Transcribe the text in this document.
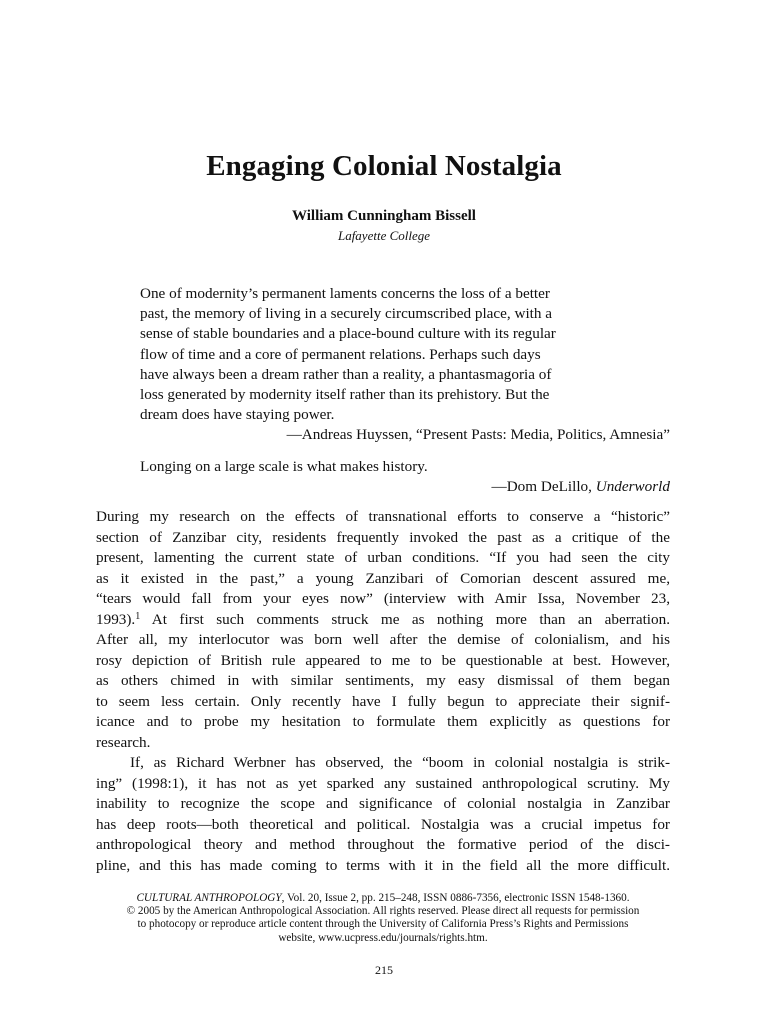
Engaging Colonial Nostalgia
William Cunningham Bissell
Lafayette College
One of modernity’s permanent laments concerns the loss of a better
past, the memory of living in a securely circumscribed place, with a
sense of stable boundaries and a place-bound culture with its regular
flow of time and a core of permanent relations. Perhaps such days
have always been a dream rather than a reality, a phantasmagoria of
loss generated by modernity itself rather than its prehistory. But the
dream does have staying power.
—Andreas Huyssen, “Present Pasts: Media, Politics, Amnesia”
Longing on a large scale is what makes history.
—Dom DeLillo, Underworld
During my research on the effects of transnational efforts to conserve a “historic”
section of Zanzibar city, residents frequently invoked the past as a critique of the
present, lamenting the current state of urban conditions. “If you had seen the city
as it existed in the past,” a young Zanzibari of Comorian descent assured me,
“tears would fall from your eyes now” (interview with Amir Issa, November 23,
1993).$^1$ At first such comments struck me as nothing more than an aberration.
After all, my interlocutor was born well after the demise of colonialism, and his
rosy depiction of British rule appeared to me to be questionable at best. However,
as others chimed in with similar sentiments, my easy dismissal of them began
to seem less certain. Only recently have I fully begun to appreciate their signif-
icance and to probe my hesitation to formulate them explicitly as questions for
research.
If, as Richard Werbner has observed, the “boom in colonial nostalgia is strik-
ing” (1998:1), it has not as yet sparked any sustained anthropological scrutiny. My
inability to recognize the scope and significance of colonial nostalgia in Zanzibar
has deep roots—both theoretical and political. Nostalgia was a crucial impetus for
anthropological theory and method throughout the formative period of the disci-
pline, and this has made coming to terms with it in the field all the more difficult.
CULTURAL ANTHROPOLOGY, Vol. 20, Issue 2, pp. 215–248, ISSN 0886-7356, electronic ISSN 1548-1360.
© 2005 by the American Anthropological Association. All rights reserved. Please direct all requests for permission
to photocopy or reproduce article content through the University of California Press’s Rights and Permissions
website, www.ucpress.edu/journals/rights.htm.
215
